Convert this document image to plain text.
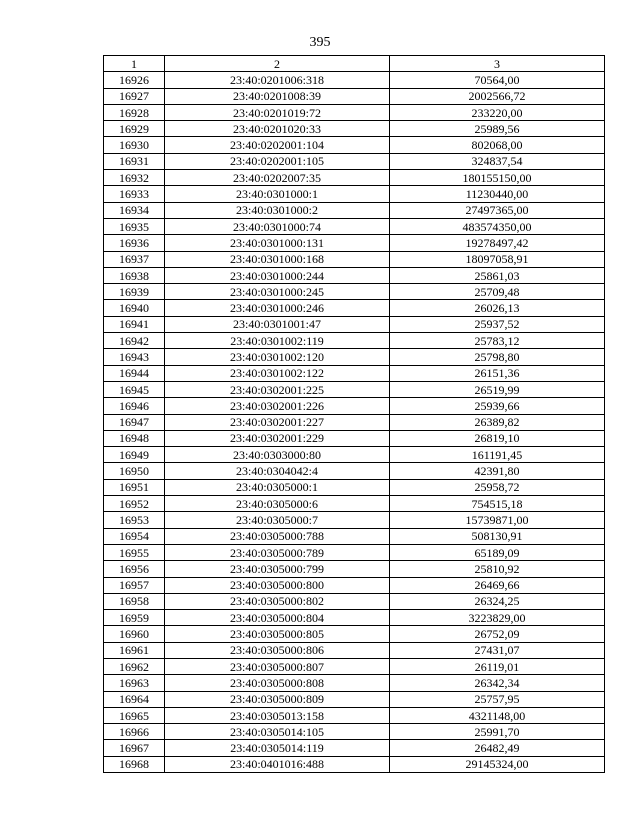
395
1	2	3
16926	23:40:0201006:318	70564,00
16927	23:40:0201008:39	2002566,72
16928	23:40:0201019:72	233220,00
16929	23:40:0201020:33	25989,56
16930	23:40:0202001:104	802068,00
16931	23:40:0202001:105	324837,54
16932	23:40:0202007:35	180155150,00
16933	23:40:0301000:1	11230440,00
16934	23:40:0301000:2	27497365,00
16935	23:40:0301000:74	483574350,00
16936	23:40:0301000:131	19278497,42
16937	23:40:0301000:168	18097058,91
16938	23:40:0301000:244	25861,03
16939	23:40:0301000:245	25709,48
16940	23:40:0301000:246	26026,13
16941	23:40:0301001:47	25937,52
16942	23:40:0301002:119	25783,12
16943	23:40:0301002:120	25798,80
16944	23:40:0301002:122	26151,36
16945	23:40:0302001:225	26519,99
16946	23:40:0302001:226	25939,66
16947	23:40:0302001:227	26389,82
16948	23:40:0302001:229	26819,10
16949	23:40:0303000:80	161191,45
16950	23:40:0304042:4	42391,80
16951	23:40:0305000:1	25958,72
16952	23:40:0305000:6	754515,18
16953	23:40:0305000:7	15739871,00
16954	23:40:0305000:788	508130,91
16955	23:40:0305000:789	65189,09
16956	23:40:0305000:799	25810,92
16957	23:40:0305000:800	26469,66
16958	23:40:0305000:802	26324,25
16959	23:40:0305000:804	3223829,00
16960	23:40:0305000:805	26752,09
16961	23:40:0305000:806	27431,07
16962	23:40:0305000:807	26119,01
16963	23:40:0305000:808	26342,34
16964	23:40:0305000:809	25757,95
16965	23:40:0305013:158	4321148,00
16966	23:40:0305014:105	25991,70
16967	23:40:0305014:119	26482,49
16968	23:40:0401016:488	29145324,00
